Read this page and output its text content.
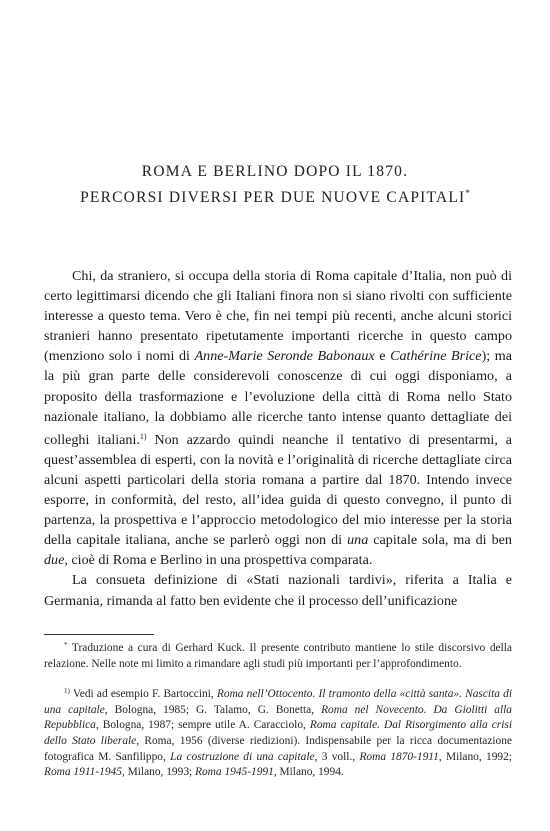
ROMA E BERLINO DOPO IL 1870.
PERCORSI DIVERSI PER DUE NUOVE CAPITALI*

Chi, da straniero, si occupa della storia di Roma capitale d’Italia, non può di certo legittimarsi dicendo che gli Italiani finora non si siano rivolti con sufficiente interesse a questo tema. Vero è che, fin nei tempi più recenti, anche alcuni storici stranieri hanno presentato ripetutamente importanti ricerche in questo campo (menziono solo i nomi di Anne-Marie Seronde Babonaux e Cathérine Brice); ma la più gran parte delle considerevoli conoscenze di cui oggi disponiamo, a proposito della trasformazione e l’evoluzione della città di Roma nello Stato nazionale italiano, la dobbiamo alle ricerche tanto intense quanto dettagliate dei colleghi italiani.$^{1)}$ Non azzardo quindi neanche il tentativo di presentarmi, a quest’assemblea di esperti, con la novità e l’originalità di ricerche dettagliate circa alcuni aspetti particolari della storia romana a partire dal 1870. Intendo invece esporre, in conformità, del resto, all’idea guida di questo convegno, il punto di partenza, la prospettiva e l’approccio metodologico del mio interesse per la storia della capitale italiana, anche se parlerò oggi non di una capitale sola, ma di ben due, cioè di Roma e Berlino in una prospettiva comparata.

La consueta definizione di «Stati nazionali tardivi», riferita a Italia e Germania, rimanda al fatto ben evidente che il processo dell’unificazione

* Traduzione a cura di Gerhard Kuck. Il presente contributo mantiene lo stile discorsivo della relazione. Nelle note mi limito a rimandare agli studi più importanti per l’approfondimento.

$^{1)}$ Vedi ad esempio F. Bartoccini, Roma nell’Ottocento. Il tramonto della «città santa». Nascita di una capitale, Bologna, 1985; G. Talamo, G. Bonetta, Roma nel Novecento. Da Giolitti alla Repubblica, Bologna, 1987; sempre utile A. Caracciolo, Roma capitale. Dal Risorgimento alla crisi dello Stato liberale, Roma, 1956 (diverse riedizioni). Indispensabile per la ricca documentazione fotografica M. Sanfilippo, La costruzione di una capitale, 3 voll., Roma 1870-1911, Milano, 1992; Roma 1911-1945, Milano, 1993; Roma 1945-1991, Milano, 1994.
